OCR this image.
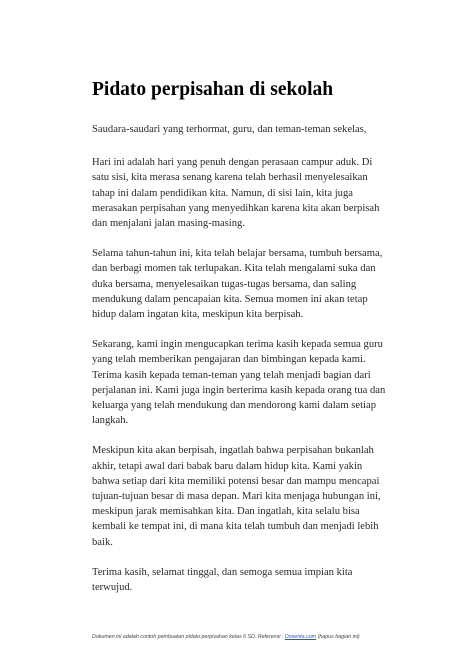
Pidato perpisahan di sekolah

Saudara-saudari yang terhormat, guru, dan teman-teman sekelas,

Hari ini adalah hari yang penuh dengan perasaan campur aduk. Di satu sisi, kita merasa senang karena telah berhasil menyelesaikan tahap ini dalam pendidikan kita. Namun, di sisi lain, kita juga merasakan perpisahan yang menyedihkan karena kita akan berpisah dan menjalani jalan masing-masing.

Selama tahun-tahun ini, kita telah belajar bersama, tumbuh bersama, dan berbagi momen tak terlupakan. Kita telah mengalami suka dan duka bersama, menyelesaikan tugas-tugas bersama, dan saling mendukung dalam pencapaian kita. Semua momen ini akan tetap hidup dalam ingatan kita, meskipun kita berpisah.

Sekarang, kami ingin mengucapkan terima kasih kepada semua guru yang telah memberikan pengajaran dan bimbingan kepada kami. Terima kasih kepada teman-teman yang telah menjadi bagian dari perjalanan ini. Kami juga ingin berterima kasih kepada orang tua dan keluarga yang telah mendukung dan mendorong kami dalam setiap langkah.

Meskipun kita akan berpisah, ingatlah bahwa perpisahan bukanlah akhir, tetapi awal dari babak baru dalam hidup kita. Kami yakin bahwa setiap dari kita memiliki potensi besar dan mampu mencapai tujuan-tujuan besar di masa depan. Mari kita menjaga hubungan ini, meskipun jarak memisahkan kita. Dan ingatlah, kita selalu bisa kembali ke tempat ini, di mana kita telah tumbuh dan menjadi lebih baik.

Terima kasih, selamat tinggal, dan semoga semua impian kita terwujud.

Dokumen ini adalah contoh pembuatan pidato perpisahan kelas 6 SD. Referensi : Dosenta.com (hapus bagian ini)
